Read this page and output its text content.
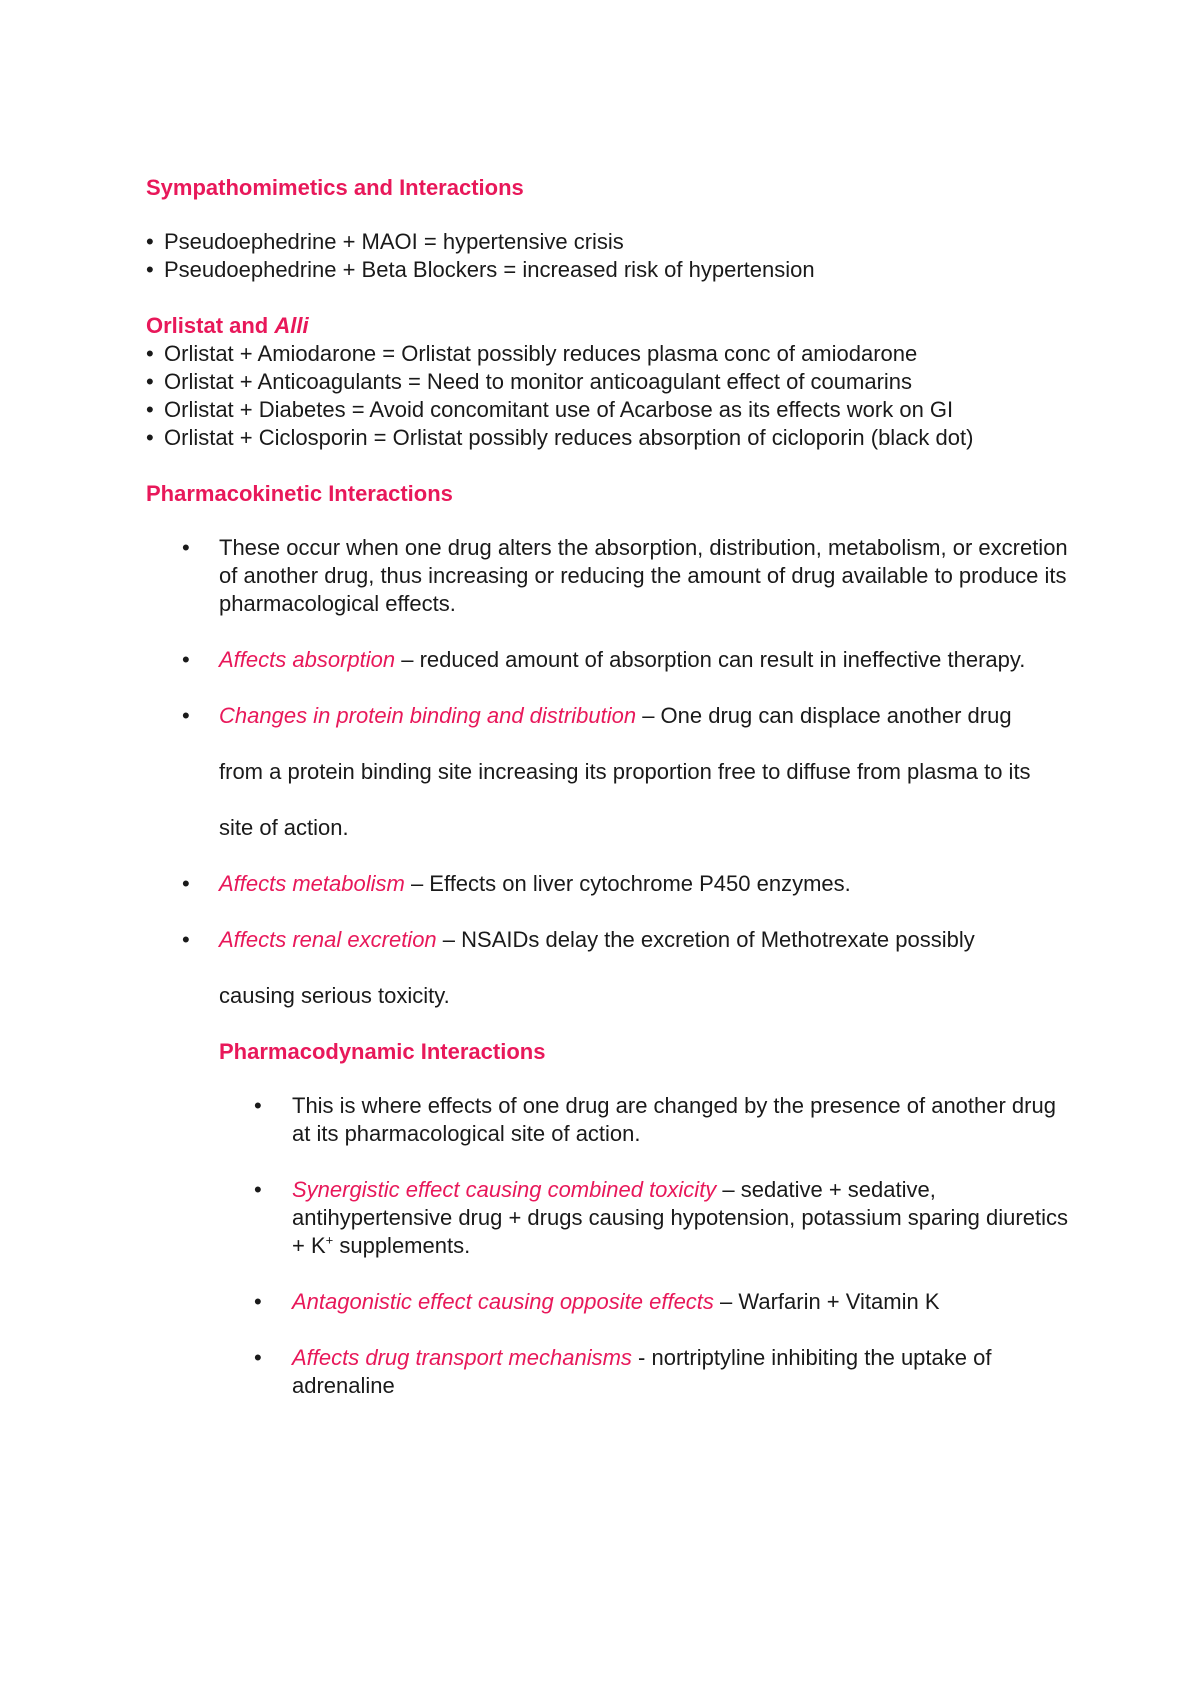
Sympathomimetics and Interactions

• Pseudoephedrine + MAOI = hypertensive crisis

• Pseudoephedrine + Beta Blockers = increased risk of hypertension

Orlistat and Alli

• Orlistat + Amiodarone = Orlistat possibly reduces plasma conc of amiodarone

• Orlistat + Anticoagulants = Need to monitor anticoagulant effect of coumarins

• Orlistat + Diabetes = Avoid concomitant use of Acarbose as its effects work on GI

• Orlistat + Ciclosporin = Orlistat possibly reduces absorption of cicloporin (black dot)

Pharmacokinetic Interactions
• These occur when one drug alters the absorption, distribution, metabolism, or excretion of another drug, thus increasing or reducing the amount of drug available to produce its pharmacological effects.

• Affects absorption – reduced amount of absorption can result in ineffective therapy.

• Changes in protein binding and distribution – One drug can displace another drug

from a protein binding site increasing its proportion free to diffuse from plasma to its

site of action.

• Affects metabolism – Effects on liver cytochrome P450 enzymes.

• Affects renal excretion – NSAIDs delay the excretion of Methotrexate possibly

causing serious toxicity.

Pharmacodynamic Interactions
• This is where effects of one drug are changed by the presence of another drug at its pharmacological site of action.

• Synergistic effect causing combined toxicity – sedative + sedative, antihypertensive drug + drugs causing hypotension, potassium sparing diuretics + K+ supplements.

• Antagonistic effect causing opposite effects – Warfarin + Vitamin K

• Affects drug transport mechanisms - nortriptyline inhibiting the uptake of adrenaline
